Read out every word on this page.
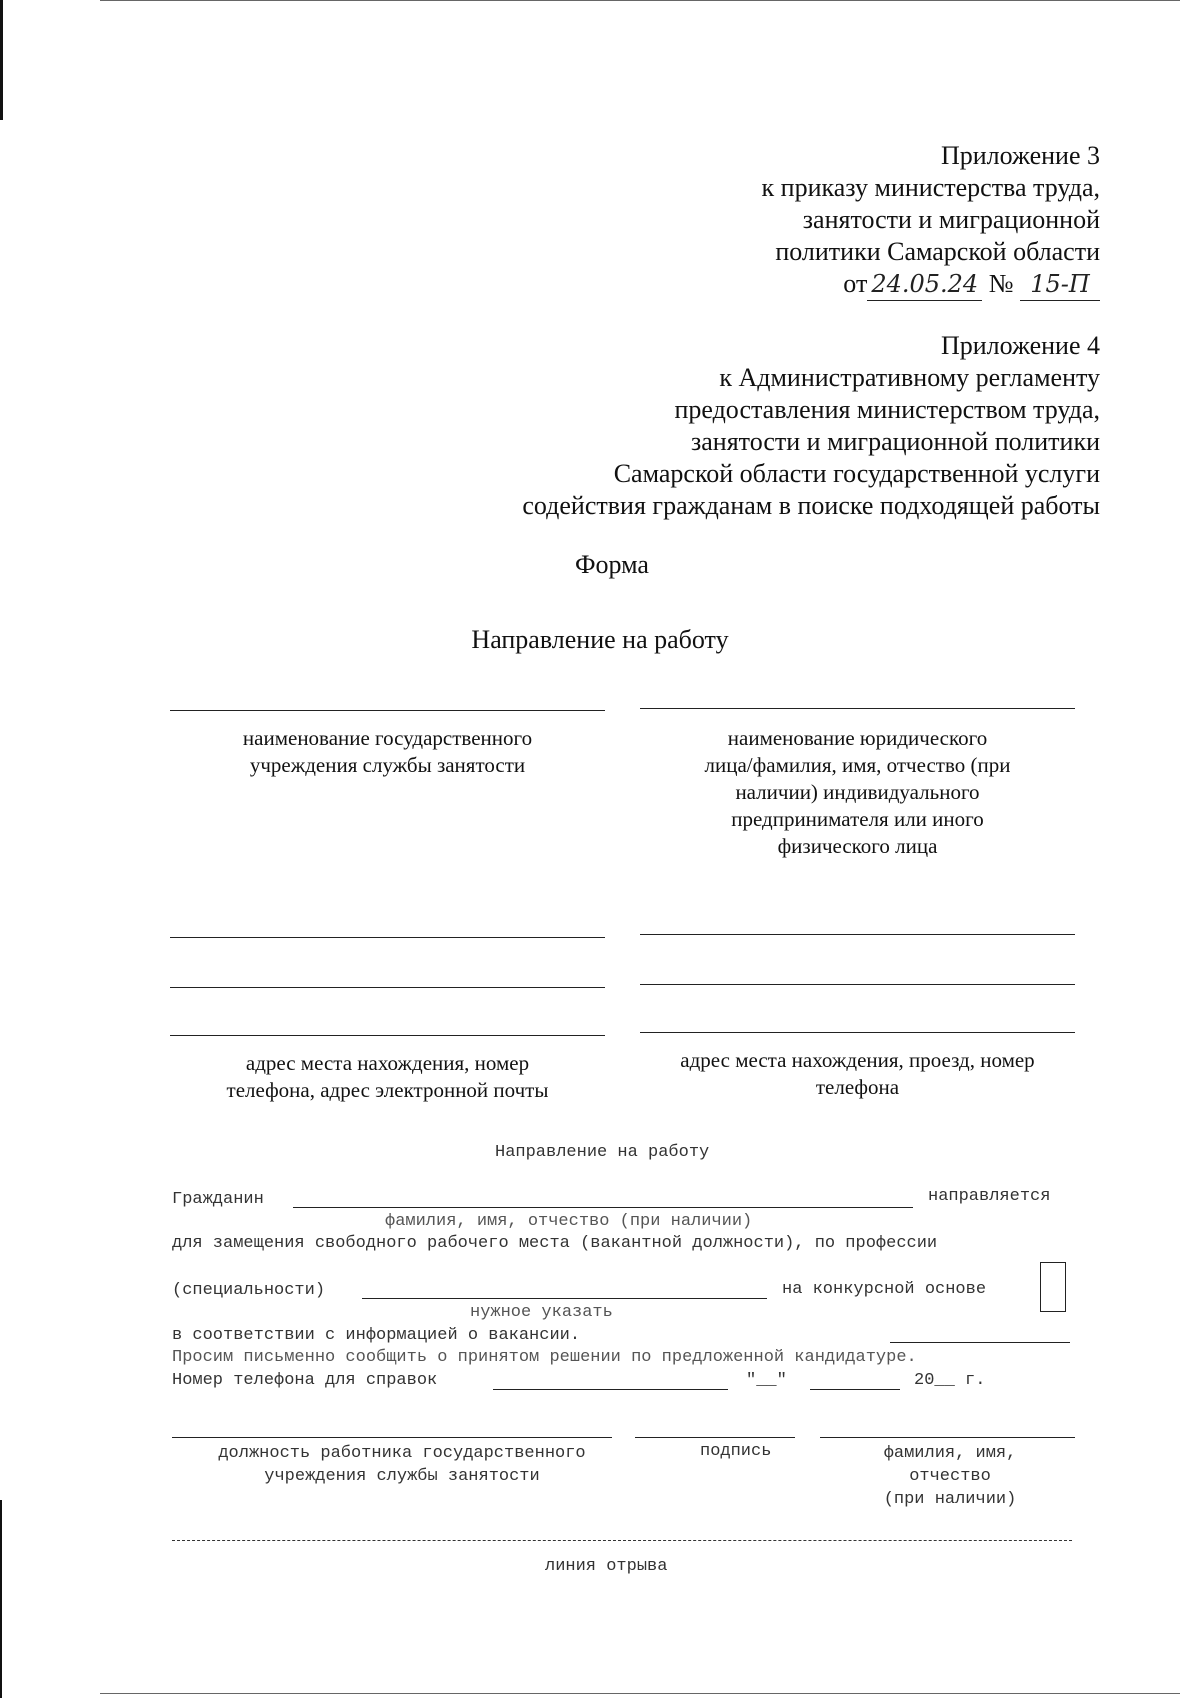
Приложение 3
к приказу министерства труда,
занятости и миграционной
политики Самарской области
от 24.05.24 № 15-П
Приложение 4
к Административному регламенту
предоставления министерством труда,
занятости и миграционной политики
Самарской области государственной услуги
содействия гражданам в поиске подходящей работы
Форма
Направление на работу
наименование государственного
учреждения службы занятости
адрес места нахождения, номер
телефона, адрес электронной почты
наименование юридического
лица/фамилия, имя, отчество (при
наличии) индивидуального
предпринимателя или иного
физического лица
адрес места нахождения, проезд, номер
телефона
Направление на работу
Гражданин	направляется
фамилия, имя, отчество (при наличии)
для замещения свободного рабочего места (вакантной должности), по профессии
(специальности)	на конкурсной основе
нужное указать
в соответствии с информацией о вакансии.
Просим письменно сообщить о принятом решении по предложенной кандидатуре.
Номер телефона для справок	"__"	20__ г.
должность работника государственного
учреждения службы занятости
подпись	фамилия, имя,
отчество
(при наличии)
линия отрыва
